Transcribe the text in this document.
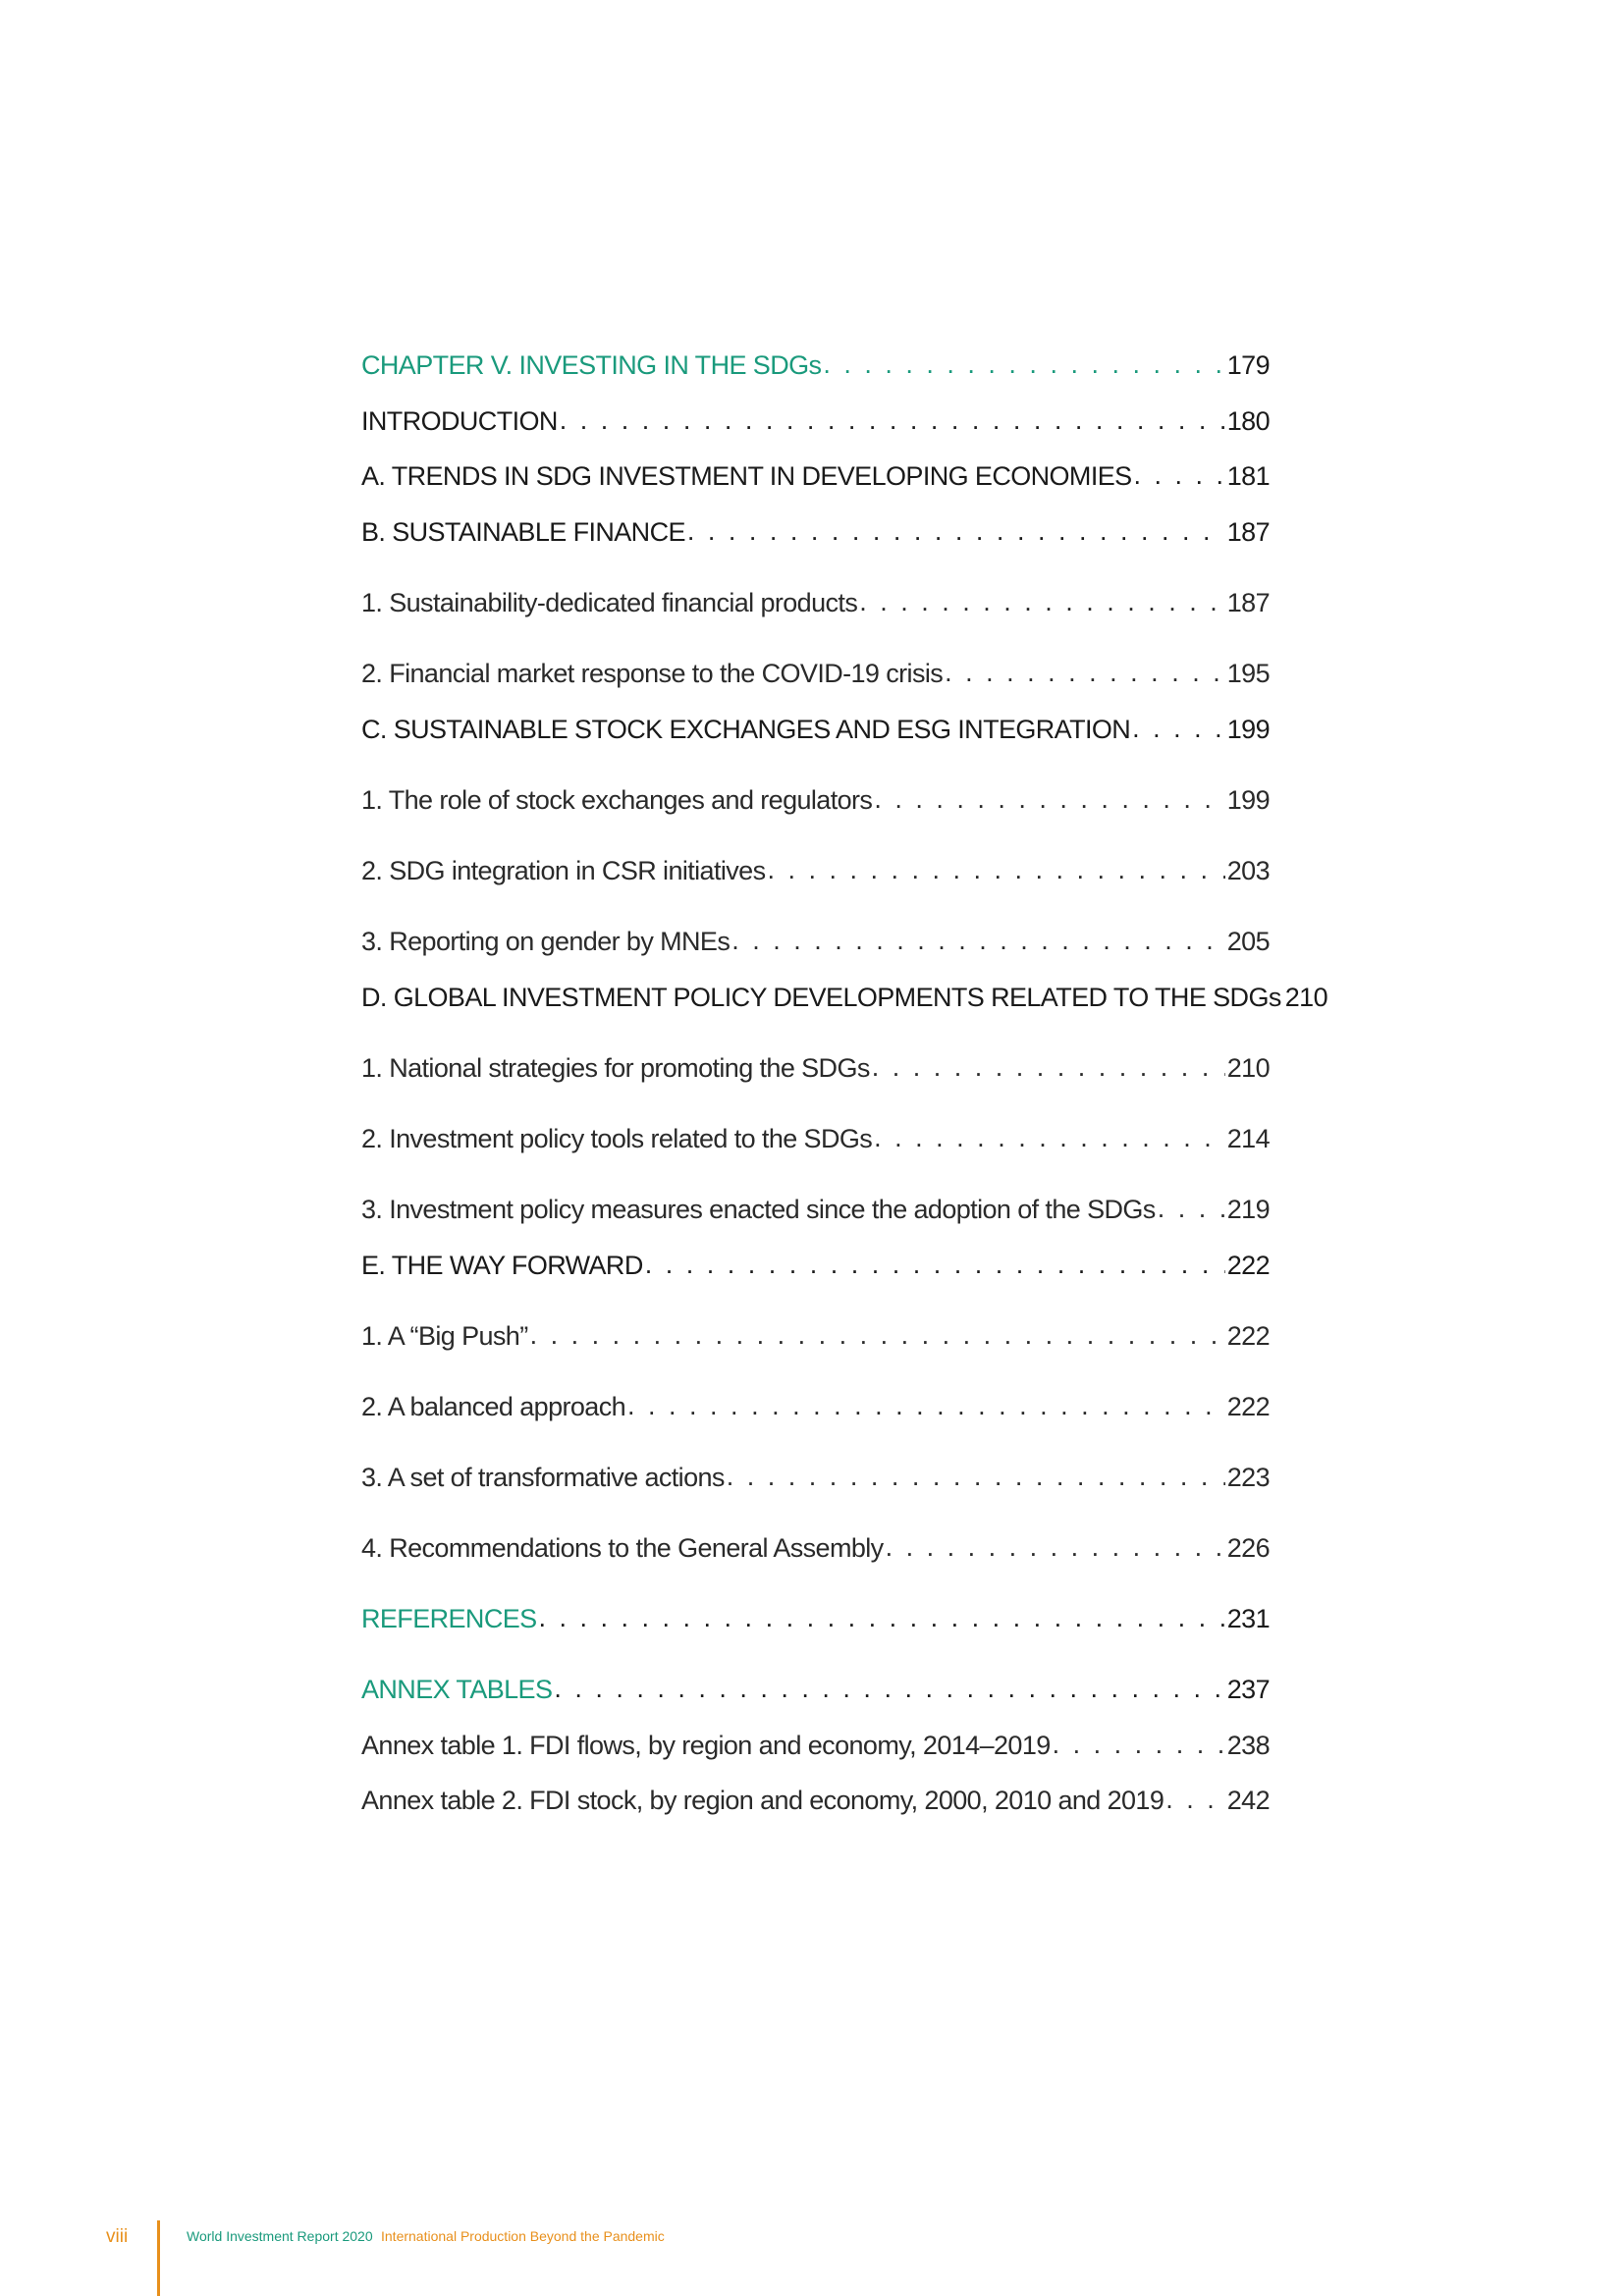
CHAPTER V. INVESTING IN THE SDGs . . .	179
INTRODUCTION . . .	180
A. TRENDS IN SDG INVESTMENT IN DEVELOPING ECONOMIES . . .	181
B. SUSTAINABLE FINANCE . . .	187
1. Sustainability-dedicated financial products . . .	187
2. Financial market response to the COVID-19 crisis . . .	195
C. SUSTAINABLE STOCK EXCHANGES AND ESG INTEGRATION . . .	199
1. The role of stock exchanges and regulators . . .	199
2. SDG integration in CSR initiatives . . .	203
3. Reporting on gender by MNEs . . .	205
D. GLOBAL INVESTMENT POLICY DEVELOPMENTS RELATED TO THE SDGs 210
1. National strategies for promoting the SDGs . . .	210
2. Investment policy tools related to the SDGs . . .	214
3. Investment policy measures enacted since the adoption of the SDGs . . .	219
E. THE WAY FORWARD . . .	222
1. A “Big Push” . . .	222
2. A balanced approach . . .	222
3. A set of transformative actions . . .	223
4. Recommendations to the General Assembly . . .	226
REFERENCES . . .	231
ANNEX TABLES . . .	237
Annex table 1. FDI flows, by region and economy, 2014–2019 . . .	238
Annex table 2. FDI stock, by region and economy, 2000, 2010 and 2019 . . . 242
viii	World Investment Report 2020 International Production Beyond the Pandemic
